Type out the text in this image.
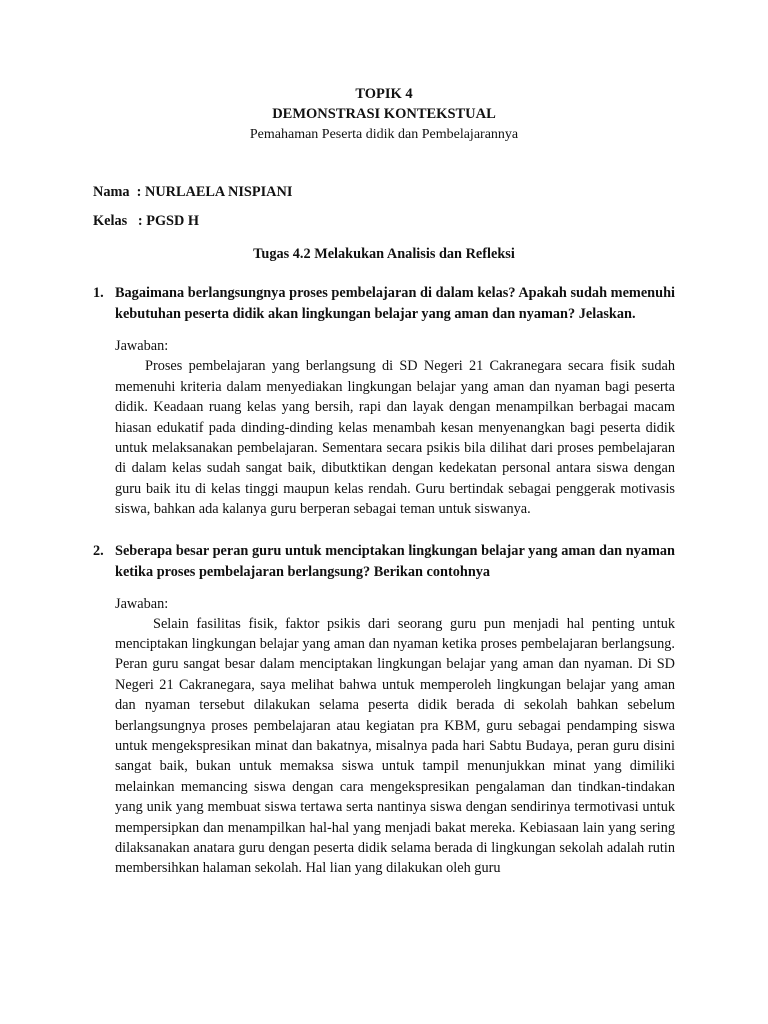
TOPIK 4
DEMONSTRASI KONTEKSTUAL
Pemahaman Peserta didik dan Pembelajarannya
Nama  : NURLAELA NISPIANI
Kelas   : PGSD H
Tugas 4.2 Melakukan Analisis dan Refleksi
1. Bagaimana berlangsungnya proses pembelajaran di dalam kelas? Apakah sudah memenuhi kebutuhan peserta didik akan lingkungan belajar yang aman dan nyaman? Jelaskan.
Jawaban:
Proses pembelajaran yang berlangsung di SD Negeri 21 Cakranegara secara fisik sudah memenuhi kriteria dalam menyediakan lingkungan belajar yang aman dan nyaman bagi peserta didik. Keadaan ruang kelas yang bersih, rapi dan layak dengan menampilkan berbagai macam hiasan edukatif pada dinding-dinding kelas menambah kesan menyenangkan bagi peserta didik untuk melaksanakan pembelajaran. Sementara secara psikis bila dilihat dari proses pembelajaran di dalam kelas sudah sangat baik, dibutktikan dengan kedekatan personal antara siswa dengan guru baik itu di kelas tinggi maupun kelas rendah. Guru bertindak sebagai penggerak motivasis siswa, bahkan ada kalanya guru berperan sebagai teman untuk siswanya.
2. Seberapa besar peran guru untuk menciptakan lingkungan belajar yang aman dan nyaman ketika proses pembelajaran berlangsung? Berikan contohnya
Jawaban:
Selain fasilitas fisik, faktor psikis dari seorang guru pun menjadi hal penting untuk menciptakan lingkungan belajar yang aman dan nyaman ketika proses pembelajaran berlangsung. Peran guru sangat besar dalam menciptakan lingkungan belajar yang aman dan nyaman. Di SD Negeri 21 Cakranegara, saya melihat bahwa untuk memperoleh lingkungan belajar yang aman dan nyaman tersebut dilakukan selama peserta didik berada di sekolah bahkan sebelum berlangsungnya proses pembelajaran atau kegiatan pra KBM, guru sebagai pendamping siswa untuk mengekspresikan minat dan bakatnya, misalnya pada hari Sabtu Budaya, peran guru disini sangat baik, bukan untuk memaksa siswa untuk tampil menunjukkan minat yang dimiliki melainkan memancing siswa dengan cara mengekspresikan pengalaman dan tindkan-tindakan yang unik yang membuat siswa tertawa serta nantinya siswa dengan sendirinya termotivasi untuk mempersipkan dan menampilkan hal-hal yang menjadi bakat mereka. Kebiasaan lain yang sering dilaksanakan anatara guru dengan peserta didik selama berada di lingkungan sekolah adalah rutin membersihkan halaman sekolah. Hal lian yang dilakukan oleh guru
